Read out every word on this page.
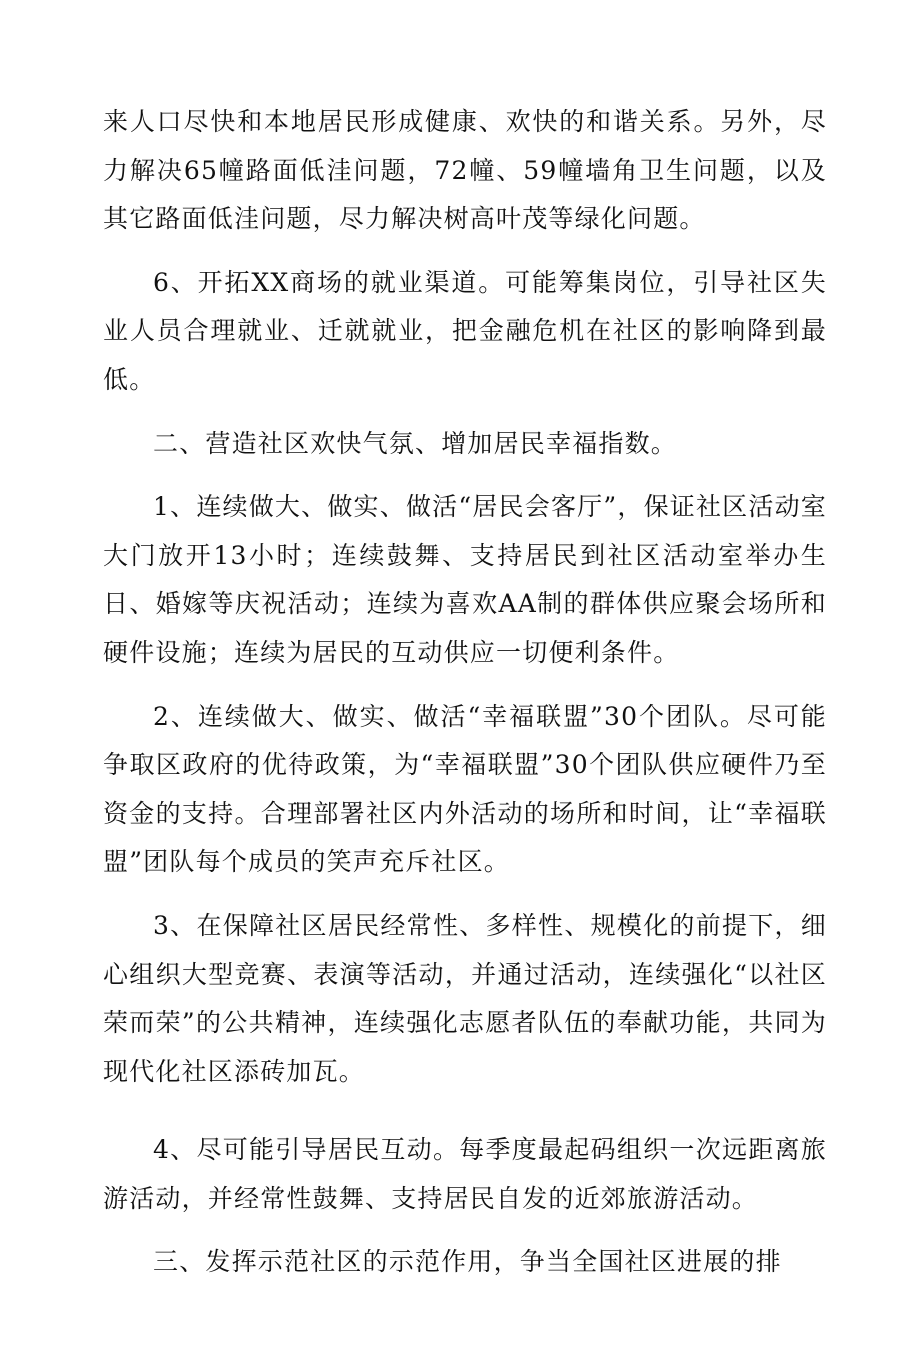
来人口尽快和本地居民形成健康、欢快的和谐关系。另外，尽力解决65幢路面低洼问题，72幢、59幢墙角卫生问题，以及其它路面低洼问题，尽力解决树高叶茂等绿化问题。

6、开拓XX商场的就业渠道。可能筹集岗位，引导社区失业人员合理就业、迁就就业，把金融危机在社区的影响降到最低。

二、营造社区欢快气氛、增加居民幸福指数。

1、连续做大、做实、做活“居民会客厅”，保证社区活动室大门放开13小时；连续鼓舞、支持居民到社区活动室举办生日、婚嫁等庆祝活动；连续为喜欢AA制的群体供应聚会场所和硬件设施；连续为居民的互动供应一切便利条件。

2、连续做大、做实、做活“幸福联盟”30个团队。尽可能争取区政府的优待政策，为“幸福联盟”30个团队供应硬件乃至资金的支持。合理部署社区内外活动的场所和时间，让“幸福联盟”团队每个成员的笑声充斥社区。

3、在保障社区居民经常性、多样性、规模化的前提下，细心组织大型竞赛、表演等活动，并通过活动，连续强化“以社区荣而荣”的公共精神，连续强化志愿者队伍的奉献功能，共同为现代化社区添砖加瓦。

4、尽可能引导居民互动。每季度最起码组织一次远距离旅游活动，并经常性鼓舞、支持居民自发的近郊旅游活动。

三、发挥示范社区的示范作用，争当全国社区进展的排
